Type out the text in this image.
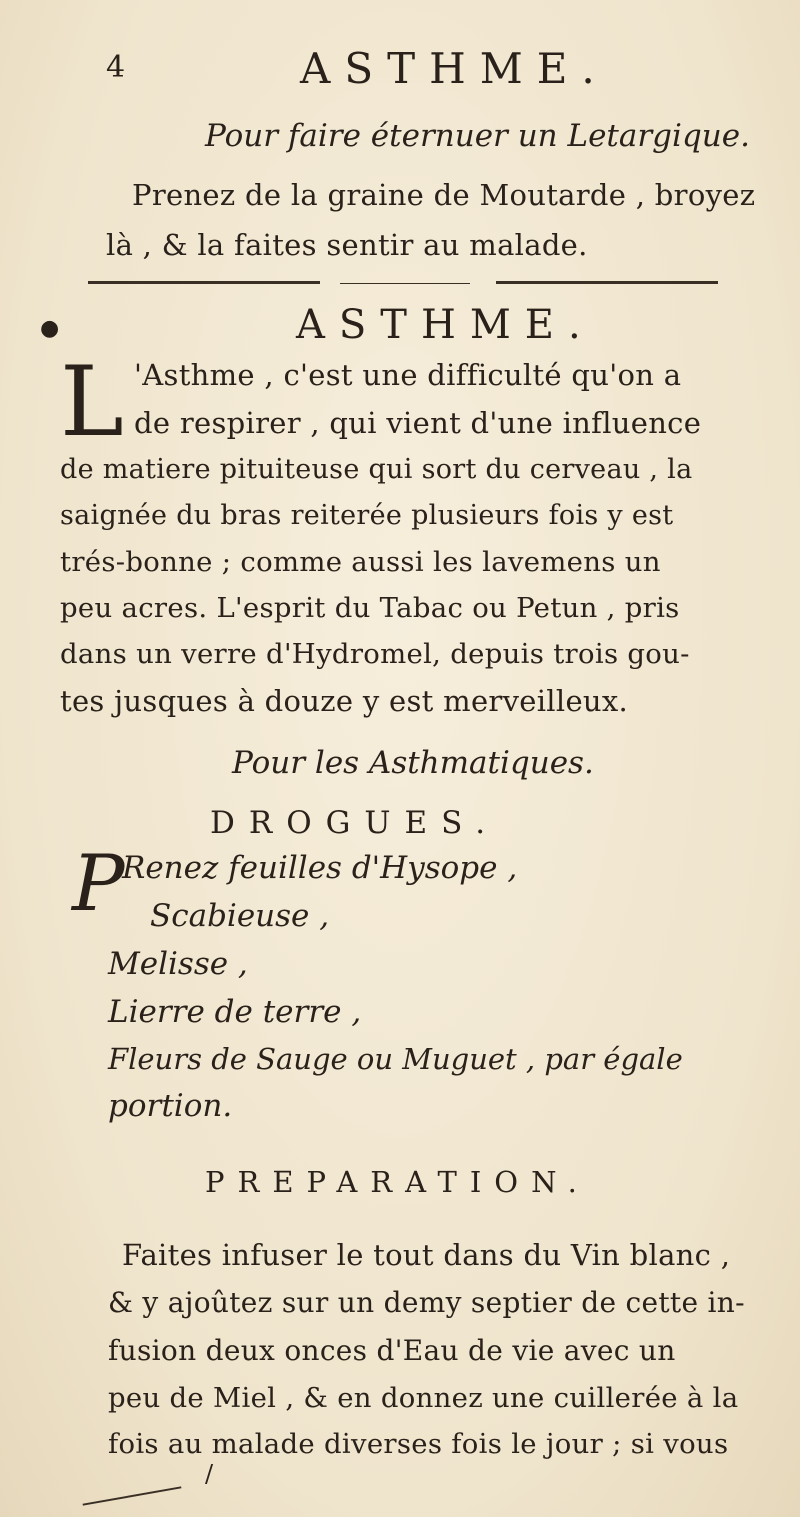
4	ASTHME.
Pour faire éternuer un Letargique.
Prenez de la graine de Moutarde , broyez
là , & la faites sentir au malade.
●	ASTHME.
L 'Asthme , c'est une difficulté qu'on a
de respirer , qui vient d'une influence
de matiere pituiteuse qui sort du cerveau , la
saignée du bras reiterée plusieurs fois y est
trés-bonne ; comme aussi les lavemens un
peu acres. L'esprit du Tabac ou Petun , pris
dans un verre d'Hydromel, depuis trois gou-
tes jusques à douze y est merveilleux.
Pour les Asthmatiques.
DROGUES.
P
Renez feuilles d'Hysope ,
Scabieuse ,
Melisse ,
Lierre de terre ,
Fleurs de Sauge ou Muguet , par égale
portion.
PREPARATION.
Faites infuser le tout dans du Vin blanc ,
& y ajoûtez sur un demy septier de cette in-
fusion deux onces d'Eau de vie avec un
peu de Miel , & en donnez une cuillerée à la
fois au malade diverses fois le jour ; si vous
/
